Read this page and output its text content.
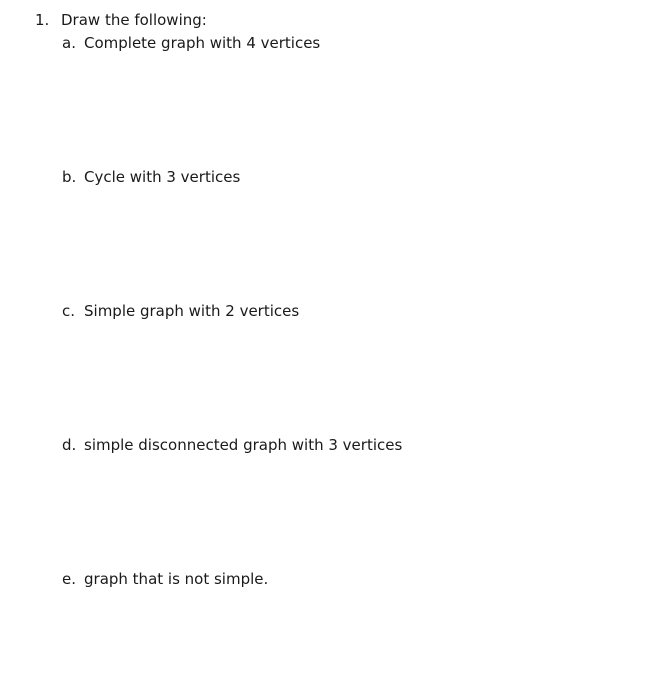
1. Draw the following:
a. Complete graph with 4 vertices
b. Cycle with 3 vertices
c. Simple graph with 2 vertices
d. simple disconnected graph with 3 vertices
e. graph that is not simple.
